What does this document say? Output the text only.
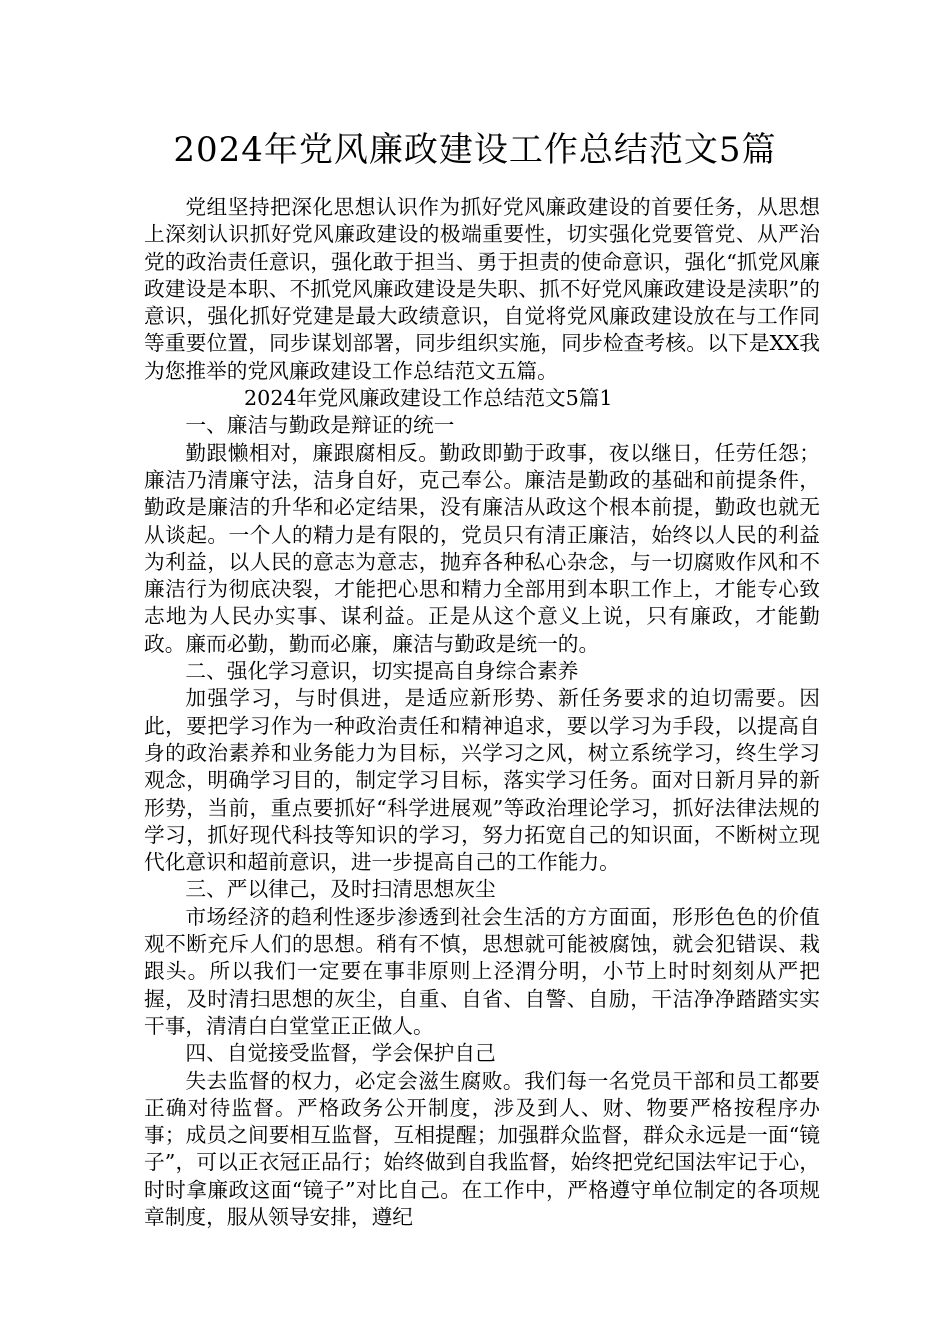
2024年党风廉政建设工作总结范文5篇

党组坚持把深化思想认识作为抓好党风廉政建设的首要任务，从思想上深刻认识抓好党风廉政建设的极端重要性，切实强化党要管党、从严治党的政治责任意识，强化敢于担当、勇于担责的使命意识，强化“抓党风廉政建设是本职、不抓党风廉政建设是失职、抓不好党风廉政建设是渎职”的意识，强化抓好党建是最大政绩意识，自觉将党风廉政建设放在与工作同等重要位置，同步谋划部署，同步组织实施，同步检查考核。以下是XX我为您推举的党风廉政建设工作总结范文五篇。

2024年党风廉政建设工作总结范文5篇1

一、廉洁与勤政是辩证的统一

勤跟懒相对，廉跟腐相反。勤政即勤于政事，夜以继日，任劳任怨；廉洁乃清廉守法，洁身自好，克己奉公。廉洁是勤政的基础和前提条件，勤政是廉洁的升华和必定结果，没有廉洁从政这个根本前提，勤政也就无从谈起。一个人的精力是有限的，党员只有清正廉洁，始终以人民的利益为利益，以人民的意志为意志，抛弃各种私心杂念，与一切腐败作风和不廉洁行为彻底决裂，才能把心思和精力全部用到本职工作上，才能专心致志地为人民办实事、谋利益。正是从这个意义上说，只有廉政，才能勤政。廉而必勤，勤而必廉，廉洁与勤政是统一的。

二、强化学习意识，切实提高自身综合素养

加强学习，与时俱进，是适应新形势、新任务要求的迫切需要。因此，要把学习作为一种政治责任和精神追求，要以学习为手段，以提高自身的政治素养和业务能力为目标，兴学习之风，树立系统学习，终生学习观念，明确学习目的，制定学习目标，落实学习任务。面对日新月异的新形势，当前，重点要抓好“科学进展观”等政治理论学习，抓好法律法规的学习，抓好现代科技等知识的学习，努力拓宽自己的知识面，不断树立现代化意识和超前意识，进一步提高自己的工作能力。

三、严以律己，及时扫清思想灰尘

市场经济的趋利性逐步渗透到社会生活的方方面面，形形色色的价值观不断充斥人们的思想。稍有不慎，思想就可能被腐蚀，就会犯错误、栽跟头。所以我们一定要在事非原则上泾渭分明，小节上时时刻刻从严把握，及时清扫思想的灰尘，自重、自省、自警、自励，干洁净净踏踏实实干事，清清白白堂堂正正做人。

四、自觉接受监督，学会保护自己

失去监督的权力，必定会滋生腐败。我们每一名党员干部和员工都要正确对待监督。严格政务公开制度，涉及到人、财、物要严格按程序办事；成员之间要相互监督，互相提醒；加强群众监督，群众永远是一面“镜子”，可以正衣冠正品行；始终做到自我监督，始终把党纪国法牢记于心，时时拿廉政这面“镜子”对比自己。在工作中，严格遵守单位制定的各项规章制度，服从领导安排，遵纪
